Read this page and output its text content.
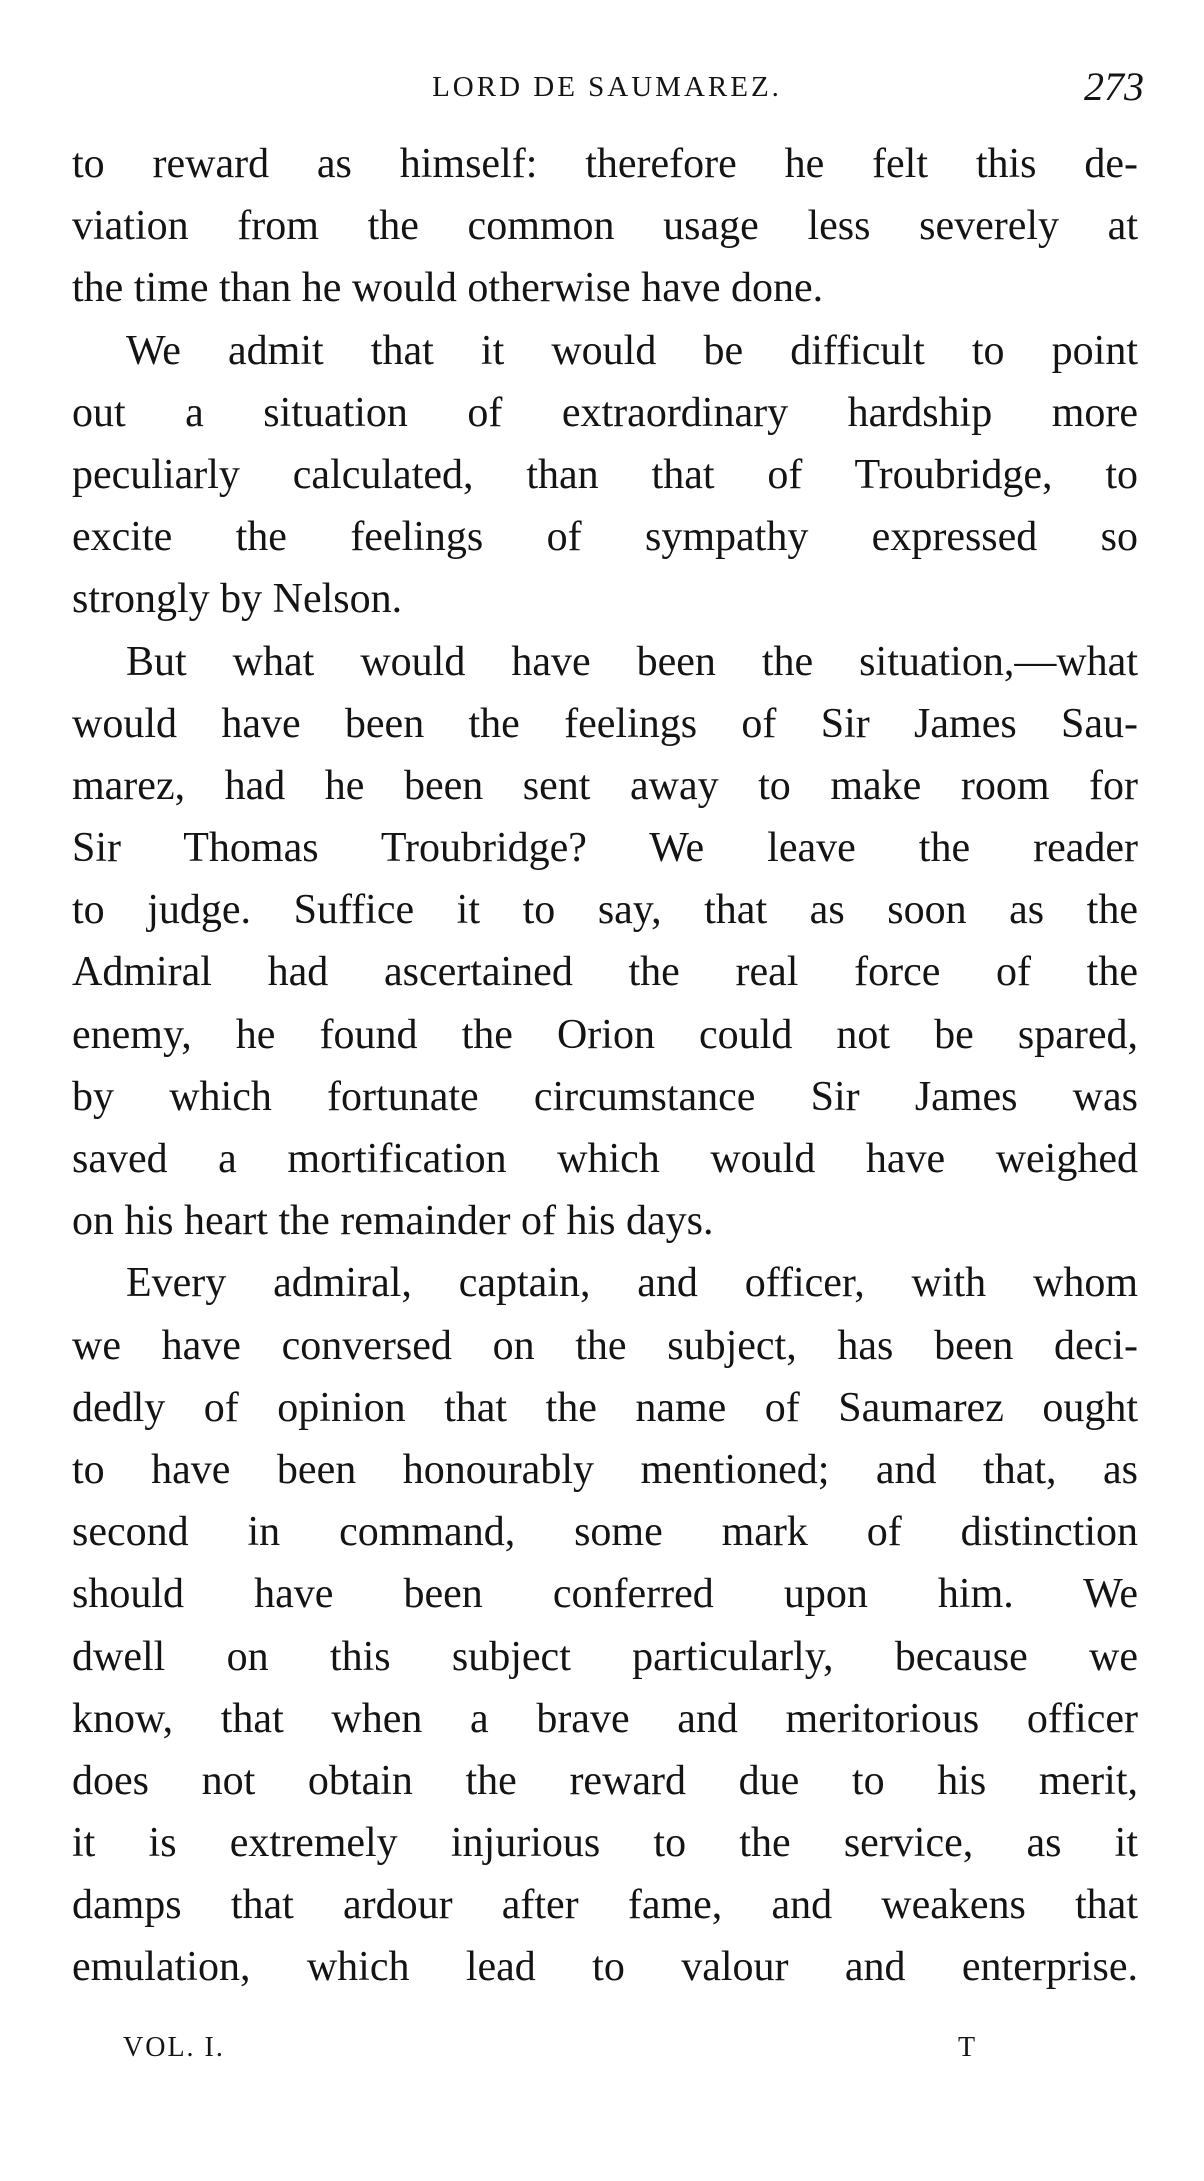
LORD DE SAUMAREZ.	273
to reward as himself: therefore he felt this de-
viation from the common usage less severely at
the time than he would otherwise have done.
We admit that it would be difficult to point
out a situation of extraordinary hardship more
peculiarly calculated, than that of Troubridge, to
excite the feelings of sympathy expressed so
strongly by Nelson.
But what would have been the situation,—what
would have been the feelings of Sir James Sau-
marez, had he been sent away to make room for
Sir Thomas Troubridge? We leave the reader
to judge. Suffice it to say, that as soon as the
Admiral had ascertained the real force of the
enemy, he found the Orion could not be spared,
by which fortunate circumstance Sir James was
saved a mortification which would have weighed
on his heart the remainder of his days.
Every admiral, captain, and officer, with whom
we have conversed on the subject, has been deci-
dedly of opinion that the name of Saumarez ought
to have been honourably mentioned; and that, as
second in command, some mark of distinction
should have been conferred upon him. We
dwell on this subject particularly, because we
know, that when a brave and meritorious officer
does not obtain the reward due to his merit,
it is extremely injurious to the service, as it
damps that ardour after fame, and weakens that
emulation, which lead to valour and enterprise.
VOL. I.	T
